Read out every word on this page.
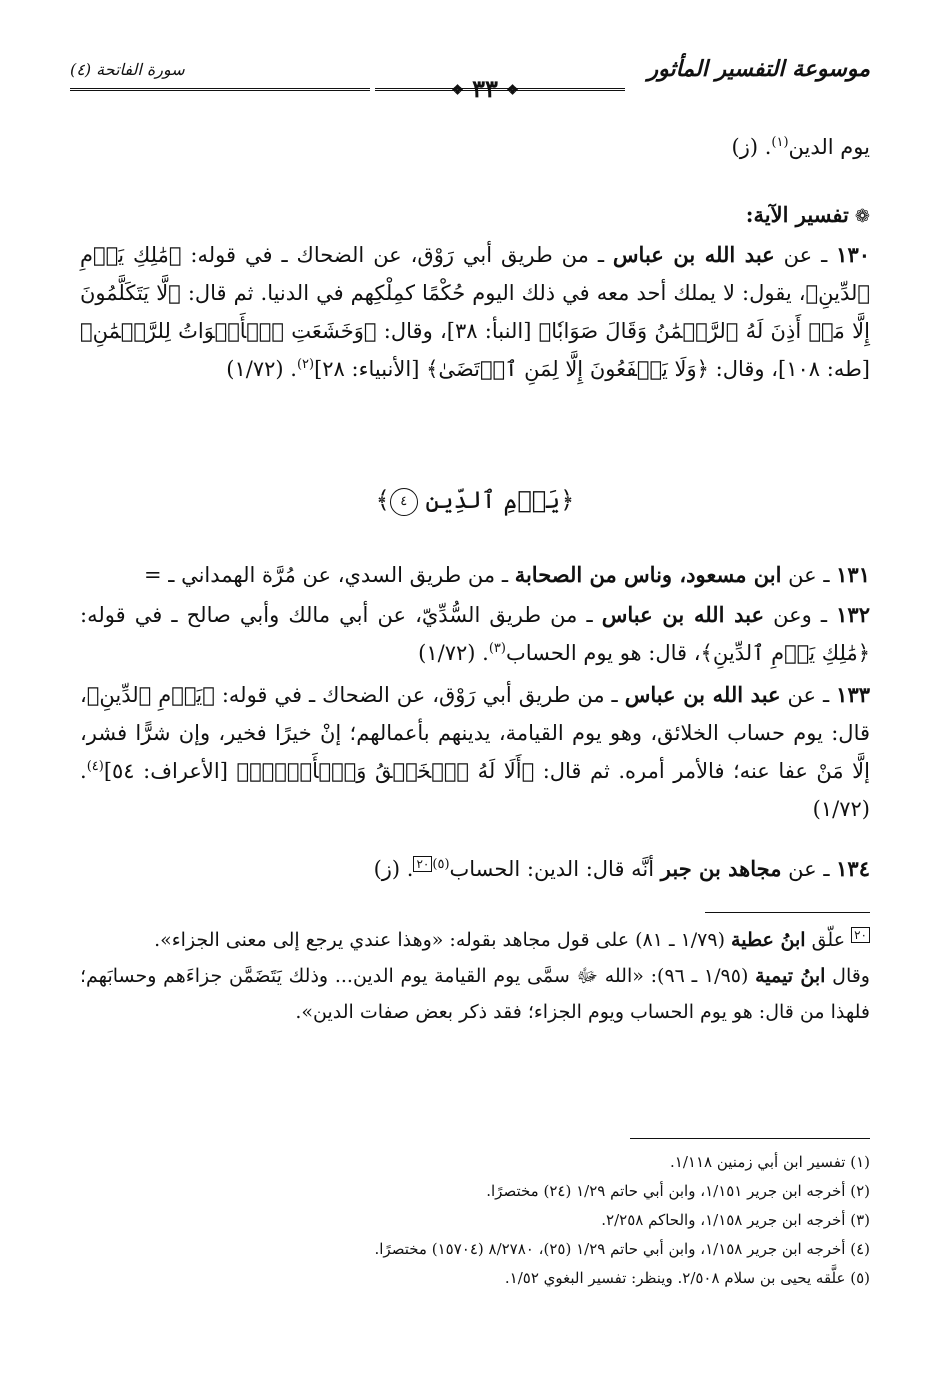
موسوعة التفسير المأثور
❖ ٣٣ ❖
سورة الفاتحة (٤)
يوم الدين$^{(١)}$. (ز)
❁تفسير الآية:
١٣٠ ـ عن عبد الله بن عباس ـ من طريق أبي رَوْق، عن الضحاك ـ في قوله: ﴿مَٰلِكِ يَوۡمِ ٱلدِّينِ﴾، يقول: لا يملك أحد معه في ذلك اليوم حُكْمًا كمِلْكِهم في الدنيا. ثم قال: ﴿لَّا يَتَكَلَّمُونَ إِلَّا مَنۡ أَذِنَ لَهُ ٱلرَّحۡمَٰنُ وَقَالَ صَوَابٗا﴾ [النبأ: ٣٨]، وقال: ﴿وَخَشَعَتِ ٱلۡأَصۡوَاتُ لِلرَّحۡمَٰنِ﴾ [طه: ١٠٨]، وقال: ﴿وَلَا يَشۡفَعُونَ إِلَّا لِمَنِ ٱرۡتَضَىٰ﴾ [الأنبياء: ٢٨]$^{(٢)}$. (١/٧٢)
﴿يَوۡمِ ٱلدِّينِ ٤﴾
١٣١ ـ عن ابن مسعود، وناس من الصحابة ـ من طريق السدي، عن مُرَّة الهمداني ـ =
١٣٢ ـ وعن عبد الله بن عباس ـ من طريق السُّدِّيّ، عن أبي مالك وأبي صالح ـ في قوله: ﴿مَٰلِكِ يَوۡمِ ٱلدِّينِ﴾، قال: هو يوم الحساب$^{(٣)}$. (١/٧٢)
١٣٣ ـ عن عبد الله بن عباس ـ من طريق أبي رَوْق، عن الضحاك ـ في قوله: ﴿يَوۡمِ ٱلدِّينِ﴾، قال: يوم حساب الخلائق، وهو يوم القيامة، يدينهم بأعمالهم؛ إنْ خيرًا فخير، وإن شرًّا فشر، إلَّا مَنْ عفا عنه؛ فالأمر أمره. ثم قال: ﴿أَلَا لَهُ ٱلۡخَلۡقُ وَٱلۡأَمۡرُۗ﴾ [الأعراف: ٥٤]$^{(٤)}$. (١/٧٢)
١٣٤ ـ عن مجاهد بن جبر أنَّه قال: الدين: الحساب$^{(٥)}$٢٠. (ز)

٢٠ علّق ابنُ عطية (١/٧٩ ـ ٨١) على قول مجاهد بقوله: «وهذا عندي يرجع إلى معنى الجزاء».

وقال ابنُ تيمية (١/٩٥ ـ ٩٦): «الله ﷻ سمَّى يوم القيامة يوم الدين... وذلك يَتَضَمَّن جزاءَهم وحسابَهم؛ فلهذا من قال: هو يوم الحساب ويوم الجزاء؛ فقد ذكر بعض صفات الدين».

(١) تفسير ابن أبي زمنين ١/١١٨.
(٢) أخرجه ابن جرير ١/١٥١، وابن أبي حاتم ١/٢٩ (٢٤) مختصرًا.
(٣) أخرجه ابن جرير ١/١٥٨، والحاكم ٢/٢٥٨.
(٤) أخرجه ابن جرير ١/١٥٨، وابن أبي حاتم ١/٢٩ (٢٥)، ٨/٢٧٨٠ (١٥٧٠٤) مختصرًا.
(٥) علَّقه يحيى بن سلام ٢/٥٠٨. وينظر: تفسير البغوي ١/٥٢.
